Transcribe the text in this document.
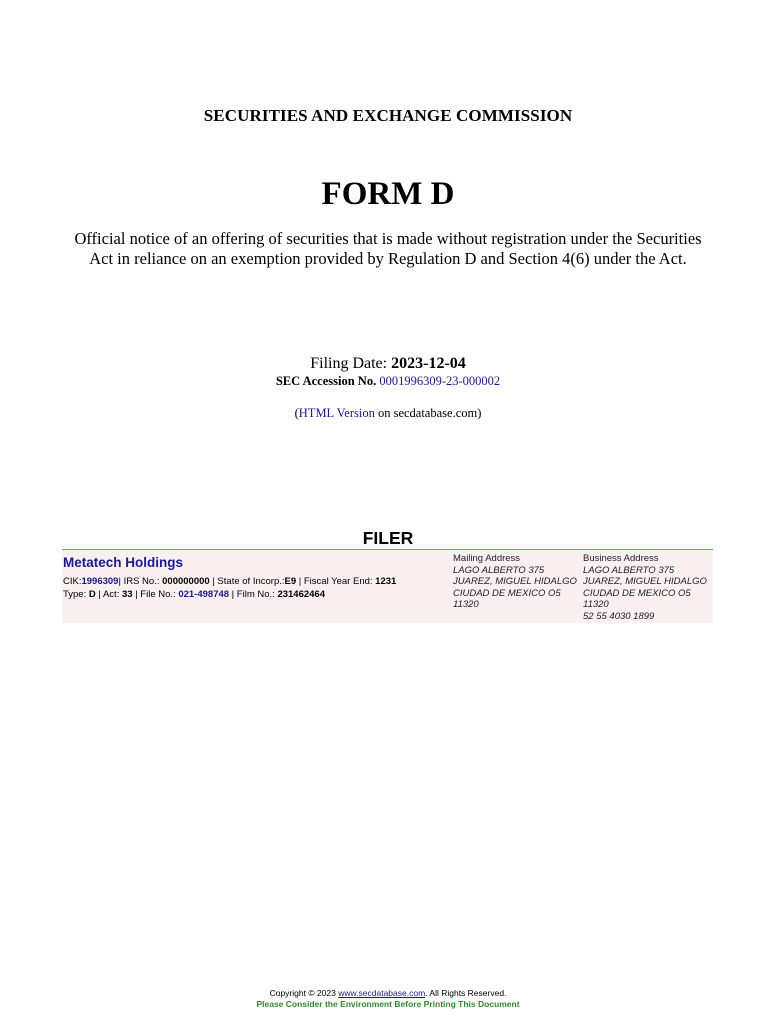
SECURITIES AND EXCHANGE COMMISSION
FORM D
Official notice of an offering of securities that is made without registration under the Securities
Act in reliance on an exemption provided by Regulation D and Section 4(6) under the Act.
Filing Date: 2023-12-04
SEC Accession No. 0001996309-23-000002
(HTML Version on secdatabase.com)
FILER
Metatech Holdings
CIK:1996309| IRS No.: 000000000 | State of Incorp.:E9 | Fiscal Year End: 1231
Type: D | Act: 33 | File No.: 021-498748 | Film No.: 231462464
Mailing Address
LAGO ALBERTO 375
JUAREZ, MIGUEL HIDALGO
CIUDAD DE MEXICO O5
11320
Business Address
LAGO ALBERTO 375
JUAREZ, MIGUEL HIDALGO
CIUDAD DE MEXICO O5
11320
52 55 4030 1899
Copyright © 2023 www.secdatabase.com. All Rights Reserved.
Please Consider the Environment Before Printing This Document
